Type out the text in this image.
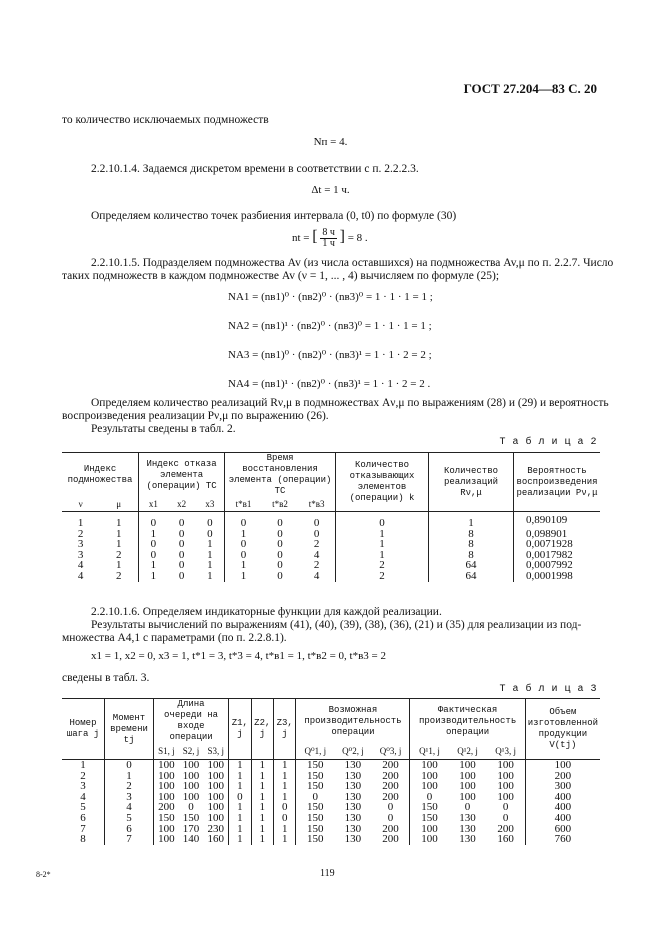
ГОСТ 27.204—83 С. 20
то количество исключаемых подмножеств
Nп = 4.
2.2.10.1.4. Задаемся дискретом времени в соответствии с п. 2.2.2.3.
Δt = 1 ч.
Определяем количество точек разбиения интервала (0, t0) по формуле (30)
nt = [ $\frac{8 ч}{1 ч}$ ] = 8 .
2.2.10.1.5. Подразделяем подмножества Av (из числа оставшихся) на подмножества Av,μ по п. 2.2.7. Число
таких подмножеств в каждом подмножестве Av (ν = 1, ... , 4) вычисляем по формуле (25);
NA1 = (nв1)⁰ · (nв2)⁰ · (nв3)⁰ = 1 · 1 · 1 = 1 ;
NA2 = (nв1)¹ · (nв2)⁰ · (nв3)⁰ = 1 · 1 · 1 = 1 ;
NA3 = (nв1)⁰ · (nв2)⁰ · (nв3)¹ = 1 · 1 · 2 = 2 ;
NA4 = (nв1)¹ · (nв2)⁰ · (nв3)¹ = 1 · 1 · 2 = 2 .
Определяем количество реализаций Rν,μ в подмножествах Aν,μ по выражениям (28) и (29) и вероятность
воспроизведения реализации Pν,μ по выражению (26).
Результаты сведены в табл. 2.
Т а б л и ц а 2
Индекс подмножества		Индекс отказа элемента (операции) ТС			Время восстановления элемента (операции) ТС			Количество отказывающих элементов (операции) k	Количество реализаций Rν,μ	Вероятность воспроизведения реализации Pν,μ
ν	μ	x1	x2	x3	t*в1	t*в2	t*в3			
1	1	0	0	0	0	0	0	0	1	0,890109
2	1	1	0	0	1	0	0	1	8	0,098901
3	1	0	0	1	0	0	2	1	8	0,0071928
3	2	0	0	1	0	0	4	1	8	0,0017982
4	1	1	0	1	1	0	2	2	64	0,0007992
4	2	1	0	1	1	0	4	2	64	0,0001998
2.2.10.1.6. Определяем индикаторные функции для каждой реализации.
Результаты вычислений по выражениям (41), (40), (39), (38), (36), (21) и (35) для реализации из под-
множества A4,1 с параметрами (по п. 2.2.8.1).
x1 = 1, x2 = 0, x3 = 1, t*1 = 3, t*3 = 4, t*в1 = 1, t*в2 = 0, t*в3 = 2
сведены в табл. 3.
Т а б л и ц а 3
Номер шага j	Момент времени tj	Длина очереди на входе операции			Z1, j	Z2, j	Z3, j	Возможная производительность операции			Фактическая производительность операции			Объем изготовленной продукции V(tj)
		S1, j	S2, j	S3, j				Q⁰1, j	Q⁰2, j	Q⁰3, j	Q¹1, j	Q¹2, j	Q¹3, j	
1	0	100	100	100	1	1	1	150	130	200	100	100	100	100
2	1	100	100	100	1	1	1	150	130	200	100	100	100	200
3	2	100	100	100	1	1	1	150	130	200	100	100	100	300
4	3	100	100	100	0	1	1	0	130	200	0	100	100	400
5	4	200	0	100	1	1	0	150	130	0	150	0	0	400
6	5	150	150	100	1	1	0	150	130	0	150	130	0	400
7	6	100	170	230	1	1	1	150	130	200	100	130	200	600
8	7	100	140	160	1	1	1	150	130	200	100	130	160	760
119
8-2*
